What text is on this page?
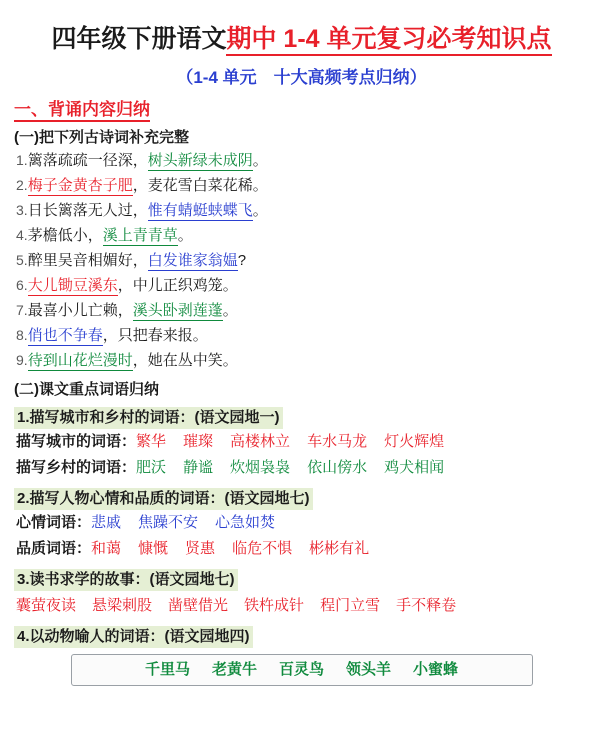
四年级下册语文期中 1-4 单元复习必考知识点
（1-4 单元　十大高频考点归纳）
一、背诵内容归纳
(一)把下列古诗词补充完整
1.篱落疏疏一径深，树头新绿未成阴。
2.梅子金黄杏子肥，麦花雪白菜花稀。
3.日长篱落无人过，惟有蜻蜓蛱蝶飞。
4.茅檐低小，溪上青青草。
5.醉里吴音相媚好，白发谁家翁媪?
6.大儿锄豆溪东，中儿正织鸡笼。
7.最喜小儿亡赖，溪头卧剥莲蓬。
8.俏也不争春，只把春来报。
9.待到山花烂漫时，她在丛中笑。
(二)课文重点词语归纳
1.描写城市和乡村的词语：(语文园地一)
描写城市的词语：繁华 璀璨 高楼林立 车水马龙 灯火辉煌
描写乡村的词语：肥沃 静谧 炊烟袅袅 依山傍水 鸡犬相闻
2.描写人物心情和品质的词语：(语文园地七)
心情词语：悲戚 焦躁不安 心急如焚
品质词语：和蔼 慷慨 贤惠 临危不惧 彬彬有礼
3.读书求学的故事：(语文园地七)
囊萤夜读 悬梁刺股 凿壁借光 铁杵成针 程门立雪 手不释卷
4.以动物喻人的词语：(语文园地四)
千里马 老黄牛 百灵鸟 领头羊 小蜜蜂
